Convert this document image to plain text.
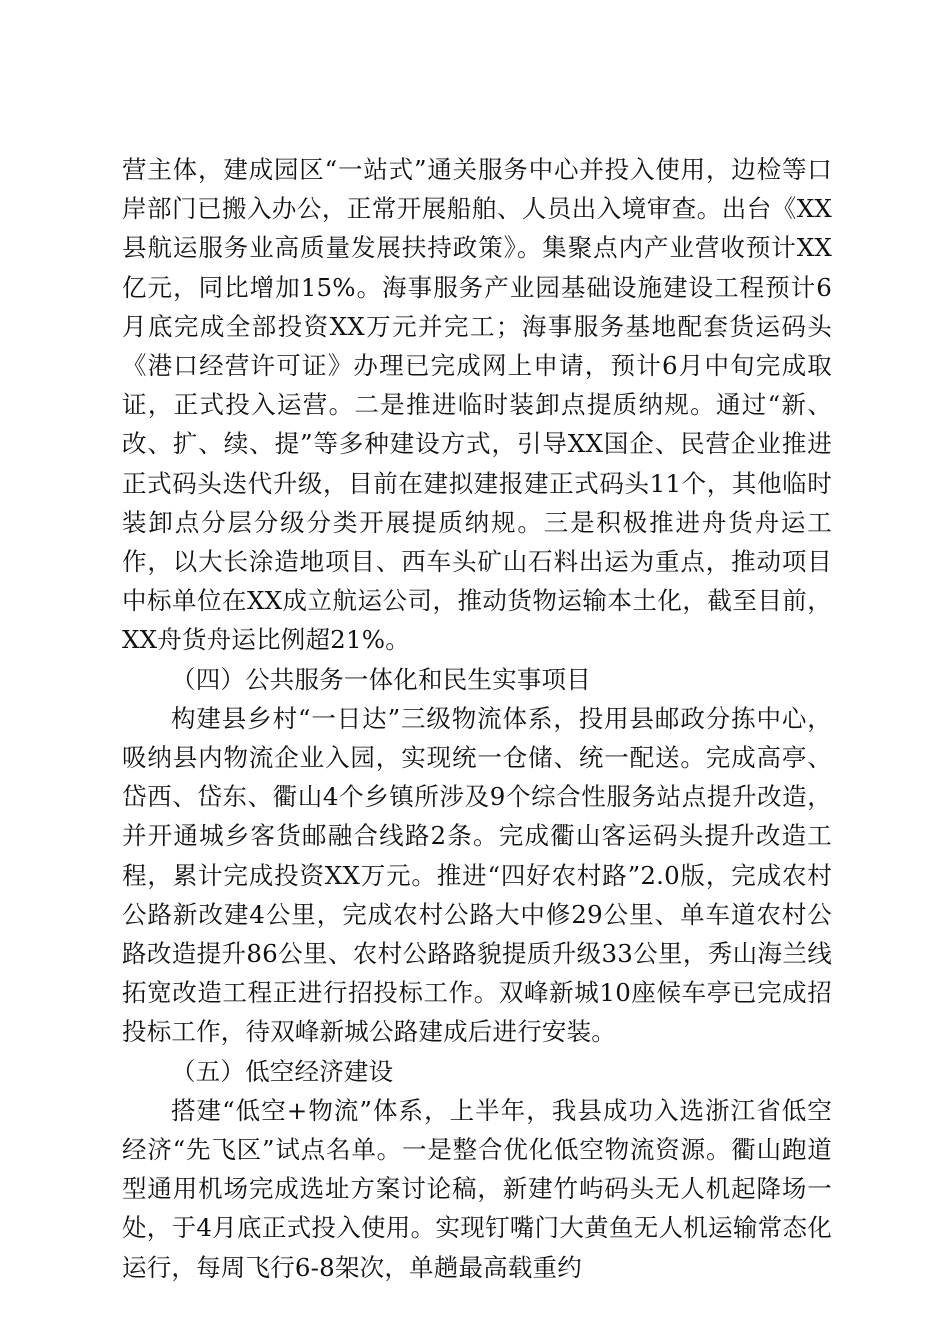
营主体，建成园区“一站式”通关服务中心并投入使用，边检等口岸部门已搬入办公，正常开展船舶、人员出入境审查。出台《XX县航运服务业高质量发展扶持政策》。集聚点内产业营收预计XX亿元，同比增加15%。海事服务产业园基础设施建设工程预计6月底完成全部投资XX万元并完工；海事服务基地配套货运码头《港口经营许可证》办理已完成网上申请，预计6月中旬完成取证，正式投入运营。二是推进临时装卸点提质纳规。通过“新、改、扩、续、提”等多种建设方式，引导XX国企、民营企业推进正式码头迭代升级，目前在建拟建报建正式码头11个，其他临时装卸点分层分级分类开展提质纳规。三是积极推进舟货舟运工作，以大长涂造地项目、西车头矿山石料出运为重点，推动项目中标单位在XX成立航运公司，推动货物运输本土化，截至目前，XX舟货舟运比例超21%。

（四）公共服务一体化和民生实事项目

构建县乡村“一日达”三级物流体系，投用县邮政分拣中心，吸纳县内物流企业入园，实现统一仓储、统一配送。完成高亭、岱西、岱东、衢山4个乡镇所涉及9个综合性服务站点提升改造，并开通城乡客货邮融合线路2条。完成衢山客运码头提升改造工程，累计完成投资XX万元。推进“四好农村路”2.0版，完成农村公路新改建4公里，完成农村公路大中修29公里、单车道农村公路改造提升86公里、农村公路路貌提质升级33公里，秀山海兰线拓宽改造工程正进行招投标工作。双峰新城10座候车亭已完成招投标工作，待双峰新城公路建成后进行安装。

（五）低空经济建设

搭建“低空+物流”体系，上半年，我县成功入选浙江省低空经济“先飞区”试点名单。一是整合优化低空物流资源。衢山跑道型通用机场完成选址方案讨论稿，新建竹屿码头无人机起降场一处，于4月底正式投入使用。实现钉嘴门大黄鱼无人机运输常态化运行，每周飞行6-8架次，单趟最高载重约
